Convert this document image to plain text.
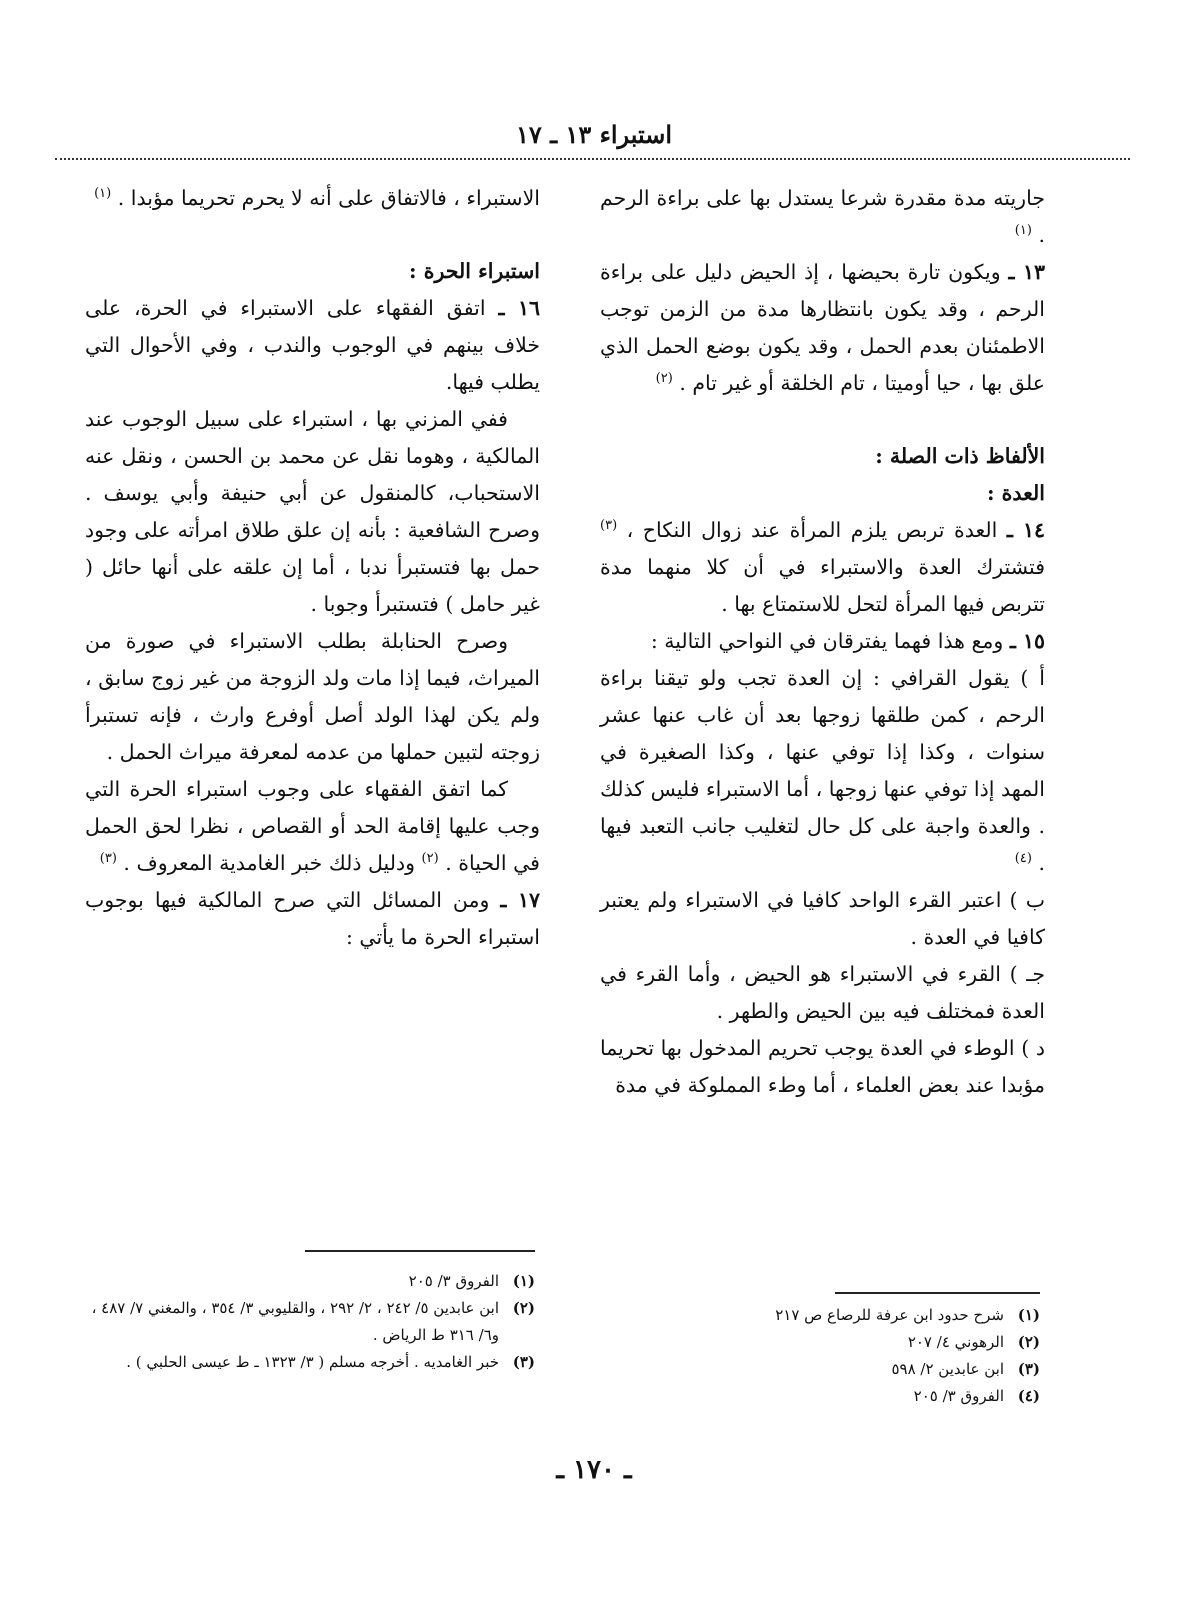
استبراء ١٣ ـ ١٧

جاريته مدة مقدرة شرعا يستدل بها على براءة الرحم . $^{(١)}$

١٣ ـ ويكون تارة بحيضها ، إذ الحيض دليل على براءة الرحم ، وقد يكون بانتظارها مدة من الزمن توجب الاطمئنان بعدم الحمل ، وقد يكون بوضع الحمل الذي علق بها ، حيا أوميتا ، تام الخلقة أو غير تام . $^{(٢)}$

الألفاظ ذات الصلة :

العدة :

١٤ ـ العدة تربص يلزم المرأة عند زوال النكاح ، $^{(٣)}$ فتشترك العدة والاستبراء في أن كلا منهما مدة تتربص فيها المرأة لتحل للاستمتاع بها .

١٥ ـ ومع هذا فهما يفترقان في النواحي التالية :

أ ) يقول القرافي : إن العدة تجب ولو تيقنا براءة الرحم ، كمن طلقها زوجها بعد أن غاب عنها عشر سنوات ، وكذا إذا توفي عنها ، وكذا الصغيرة في المهد إذا توفي عنها زوجها ، أما الاستبراء فليس كذلك . والعدة واجبة على كل حال لتغليب جانب التعبد فيها . $^{(٤)}$

ب ) اعتبر القرء الواحد كافيا في الاستبراء ولم يعتبر كافيا في العدة .

جـ ) القرء في الاستبراء هو الحيض ، وأما القرء في العدة فمختلف فيه بين الحيض والطهر .

د ) الوطء في العدة يوجب تحريم المدخول بها تحريما مؤبدا عند بعض العلماء ، أما وطء المملوكة في مدة

الاستبراء ، فالاتفاق على أنه لا يحرم تحريما مؤبدا . $^{(١)}$

استبراء الحرة :

١٦ ـ اتفق الفقهاء على الاستبراء في الحرة، على خلاف بينهم في الوجوب والندب ، وفي الأحوال التي يطلب فيها.

ففي المزني بها ، استبراء على سبيل الوجوب عند المالكية ، وهوما نقل عن محمد بن الحسن ، ونقل عنه الاستحباب، كالمنقول عن أبي حنيفة وأبي يوسف . وصرح الشافعية : بأنه إن علق طلاق امرأته على وجود حمل بها فتستبرأ ندبا ، أما إن علقه على أنها حائل ( غير حامل ) فتستبرأ وجوبا .

وصرح الحنابلة بطلب الاستبراء في صورة من الميراث، فيما إذا مات ولد الزوجة من غير زوج سابق ، ولم يكن لهذا الولد أصل أوفرع وارث ، فإنه تستبرأ زوجته لتبين حملها من عدمه لمعرفة ميراث الحمل .

كما اتفق الفقهاء على وجوب استبراء الحرة التي وجب عليها إقامة الحد أو القصاص ، نظرا لحق الحمل في الحياة . $^{(٢)}$ ودليل ذلك خبر الغامدية المعروف . $^{(٣)}$

١٧ ـ ومن المسائل التي صرح المالكية فيها بوجوب استبراء الحرة ما يأتي :

(١)
شرح حدود ابن عرفة للرصاع ص ٢١٧
(٢)
الرهوني ٤/ ٢٠٧
(٣)
ابن عابدين ٢/ ٥٩٨
(٤)
الفروق ٣/ ٢٠٥
(١)
الفروق ٣/ ٢٠٥
(٢)
ابن عابدين ٥/ ٢٤٢ ، ٢/ ٢٩٢ ، والقليوبي ٣/ ٣٥٤ ، والمغني ٧/ ٤٨٧ ، و٦/ ٣١٦ ط الرياض .
(٣)
خبر الغامديه . أخرجه مسلم ( ٣/ ١٣٢٣ ـ ط عيسى الحلبي ) .
ـ ١٧٠ ـ
